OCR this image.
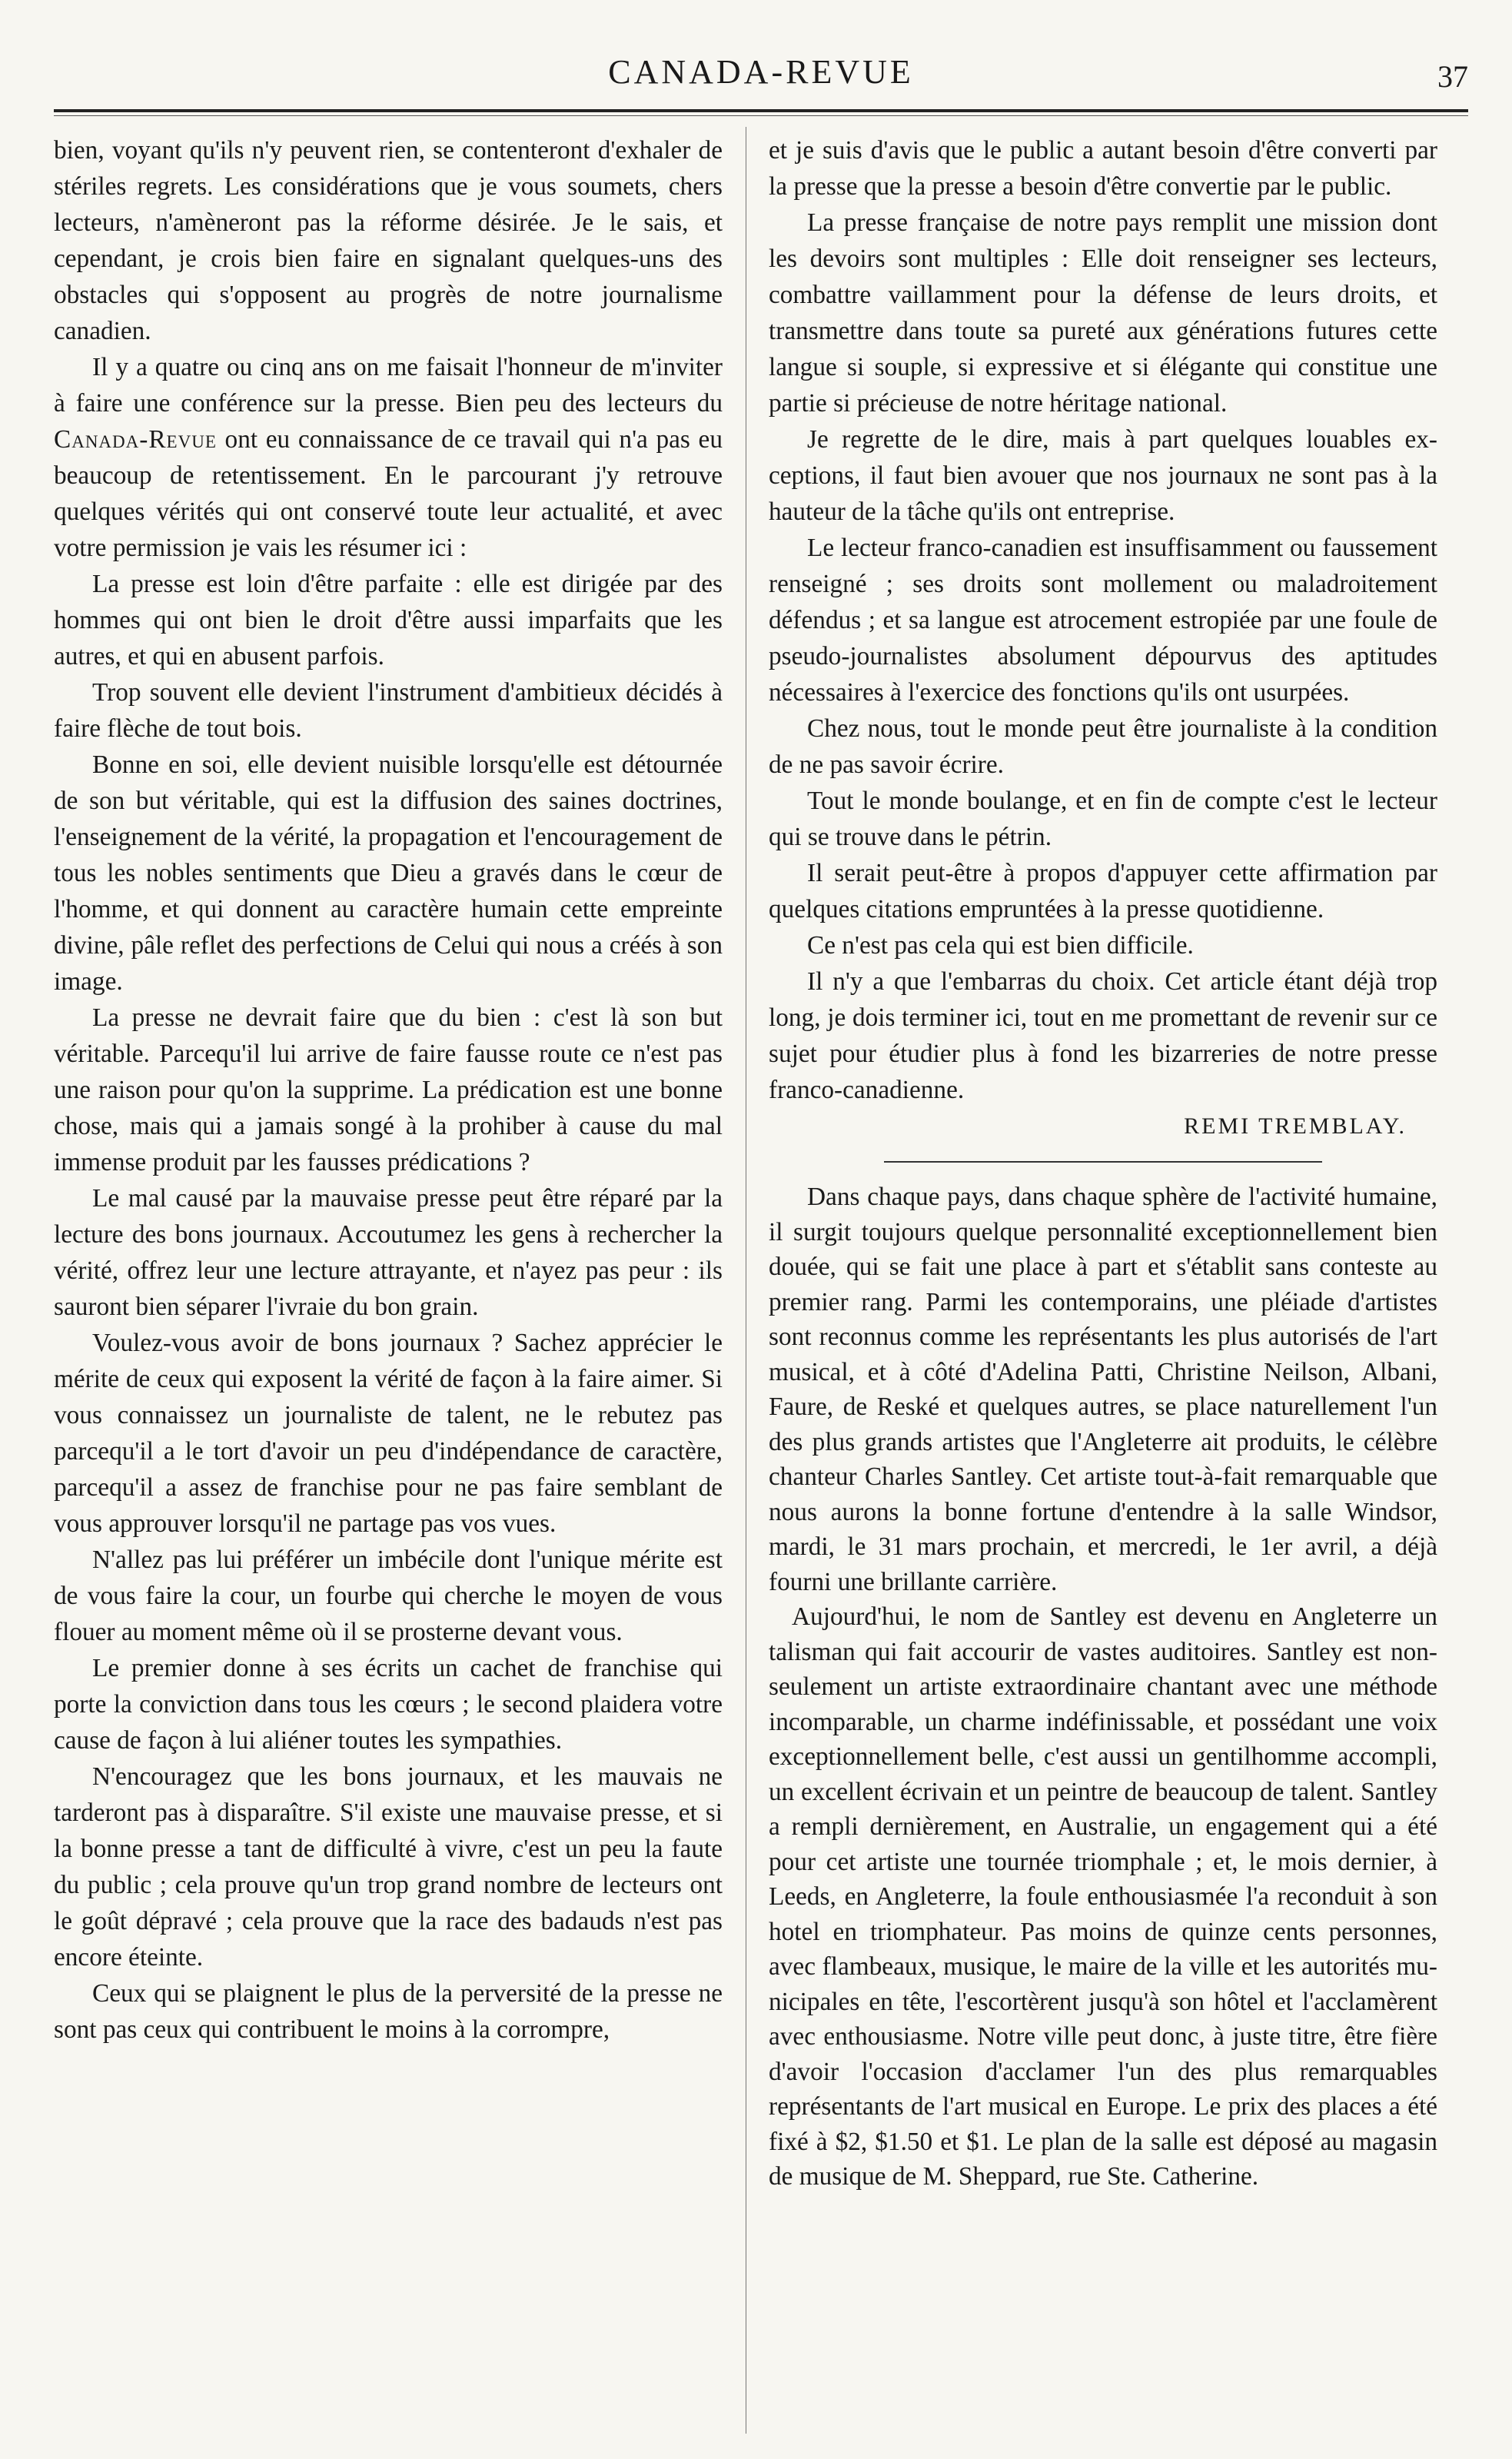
CANADA-REVUE	37

bien, voyant qu'ils n'y peuvent rien, se contenteront d'exhaler de stériles regrets. Les considérations que je vous soumets, chers lecteurs, n'amèneront pas la réforme désirée. Je le sais, et cependant, je crois bien faire en signalant quelques-uns des obstacles qui s'opposent au progrès de notre journalisme canadien.

Il y a quatre ou cinq ans on me faisait l'honneur de m'inviter à faire une conférence sur la presse. Bien peu des lecteurs du Canada-Revue ont eu connaissance de ce travail qui n'a pas eu beaucoup de retentissement. En le parcourant j'y retrouve quelques vérités qui ont conservé toute leur actualité, et avec votre permission je vais les résumer ici :

La presse est loin d'être parfaite : elle est dirigée par des hommes qui ont bien le droit d'être aussi imparfaits que les autres, et qui en abusent parfois.

Trop souvent elle devient l'instrument d'ambitieux décidés à faire flèche de tout bois.

Bonne en soi, elle devient nuisible lorsqu'elle est détournée de son but véritable, qui est la diffusion des saines doctrines, l'enseignement de la vérité, la propagation et l'encouragement de tous les nobles sentiments que Dieu a gravés dans le cœur de l'homme, et qui donnent au caractère humain cette empreinte divine, pâle reflet des perfections de Celui qui nous a créés à son image.

La presse ne devrait faire que du bien : c'est là son but véritable. Parcequ'il lui arrive de faire fausse route ce n'est pas une raison pour qu'on la supprime. La prédication est une bonne chose, mais qui a jamais songé à la prohiber à cause du mal immense produit par les fausses prédications ?

Le mal causé par la mauvaise presse peut être réparé par la lecture des bons journaux. Accoutumez les gens à rechercher la vérité, offrez leur une lecture attrayante, et n'ayez pas peur : ils sauront bien séparer l'ivraie du bon grain.

Voulez-vous avoir de bons journaux ? Sachez apprécier le mérite de ceux qui exposent la vérité de façon à la faire aimer. Si vous connaissez un journaliste de talent, ne le rebutez pas parcequ'il a le tort d'avoir un peu d'indépendance de caractère, parcequ'il a assez de franchise pour ne pas faire semblant de vous approuver lorsqu'il ne partage pas vos vues.

N'allez pas lui préférer un imbécile dont l'unique mérite est de vous faire la cour, un fourbe qui cherche le moyen de vous flouer au moment même où il se prosterne devant vous.

Le premier donne à ses écrits un cachet de franchise qui porte la conviction dans tous les cœurs ; le second plaidera votre cause de façon à lui aliéner toutes les sympathies.

N'encouragez que les bons journaux, et les mauvais ne tarderont pas à disparaître. S'il existe une mauvaise presse, et si la bonne presse a tant de difficulté à vivre, c'est un peu la faute du public ; cela prouve qu'un trop grand nombre de lecteurs ont le goût dépravé ; cela prouve que la race des badauds n'est pas encore éteinte.

Ceux qui se plaignent le plus de la perversité de la presse ne sont pas ceux qui contribuent le moins à la corrompre,

et je suis d'avis que le public a autant besoin d'être converti par la presse que la presse a besoin d'être convertie par le public.

La presse française de notre pays remplit une mission dont les devoirs sont multiples : Elle doit renseigner ses lecteurs, combattre vaillamment pour la défense de leurs droits, et transmettre dans toute sa pureté aux générations futures cette langue si souple, si expressive et si élégante qui constitue une partie si précieuse de notre héritage national.

Je regrette de le dire, mais à part quelques louables exceptions, il faut bien avouer que nos journaux ne sont pas à la hauteur de la tâche qu'ils ont entreprise.

Le lecteur franco-canadien est insuffisamment ou faussement renseigné ; ses droits sont mollement ou maladroitement défendus ; et sa langue est atrocement estropiée par une foule de pseudo-journalistes absolument dépourvus des aptitudes nécessaires à l'exercice des fonctions qu'ils ont usurpées.

Chez nous, tout le monde peut être journaliste à la condition de ne pas savoir écrire.

Tout le monde boulange, et en fin de compte c'est le lecteur qui se trouve dans le pétrin.

Il serait peut-être à propos d'appuyer cette affirmation par quelques citations empruntées à la presse quotidienne.

Ce n'est pas cela qui est bien difficile.

Il n'y a que l'embarras du choix. Cet article étant déjà trop long, je dois terminer ici, tout en me promettant de revenir sur ce sujet pour étudier plus à fond les bizarreries de notre presse franco-canadienne.

REMI TREMBLAY.

Dans chaque pays, dans chaque sphère de l'activité humaine, il surgit toujours quelque personnalité exceptionnellement bien douée, qui se fait une place à part et s'établit sans conteste au premier rang. Parmi les contemporains, une pléiade d'artistes sont reconnus comme les représentants les plus autorisés de l'art musical, et à côté d'Adelina Patti, Christine Neilson, Albani, Faure, de Reské et quelques autres, se place naturellement l'un des plus grands artistes que l'Angleterre ait produits, le célèbre chanteur Charles Santley. Cet artiste tout-à-fait remarquable que nous aurons la bonne fortune d'entendre à la salle Windsor, mardi, le 31 mars prochain, et mercredi, le 1er avril, a déjà fourni une brillante carrière.

Aujourd'hui, le nom de Santley est devenu en Angleterre un talisman qui fait accourir de vastes auditoires. Santley est non-seulement un artiste extraordinaire chantant avec une méthode incomparable, un charme indéfinissable, et possédant une voix exceptionnellement belle, c'est aussi un gentilhomme accompli, un excellent écrivain et un peintre de beaucoup de talent. Santley a rempli dernièrement, en Australie, un engagement qui a été pour cet artiste une tournée triomphale ; et, le mois dernier, à Leeds, en Angleterre, la foule enthousiasmée l'a reconduit à son hotel en triomphateur. Pas moins de quinze cents personnes, avec flambeaux, musique, le maire de la ville et les autorités municipales en tête, l'escortèrent jusqu'à son hôtel et l'acclamèrent avec enthousiasme. Notre ville peut donc, à juste titre, être fière d'avoir l'occasion d'acclamer l'un des plus remarquables représentants de l'art musical en Europe. Le prix des places a été fixé à $2, $1.50 et $1. Le plan de la salle est déposé au magasin de musique de M. Sheppard, rue Ste. Catherine.
